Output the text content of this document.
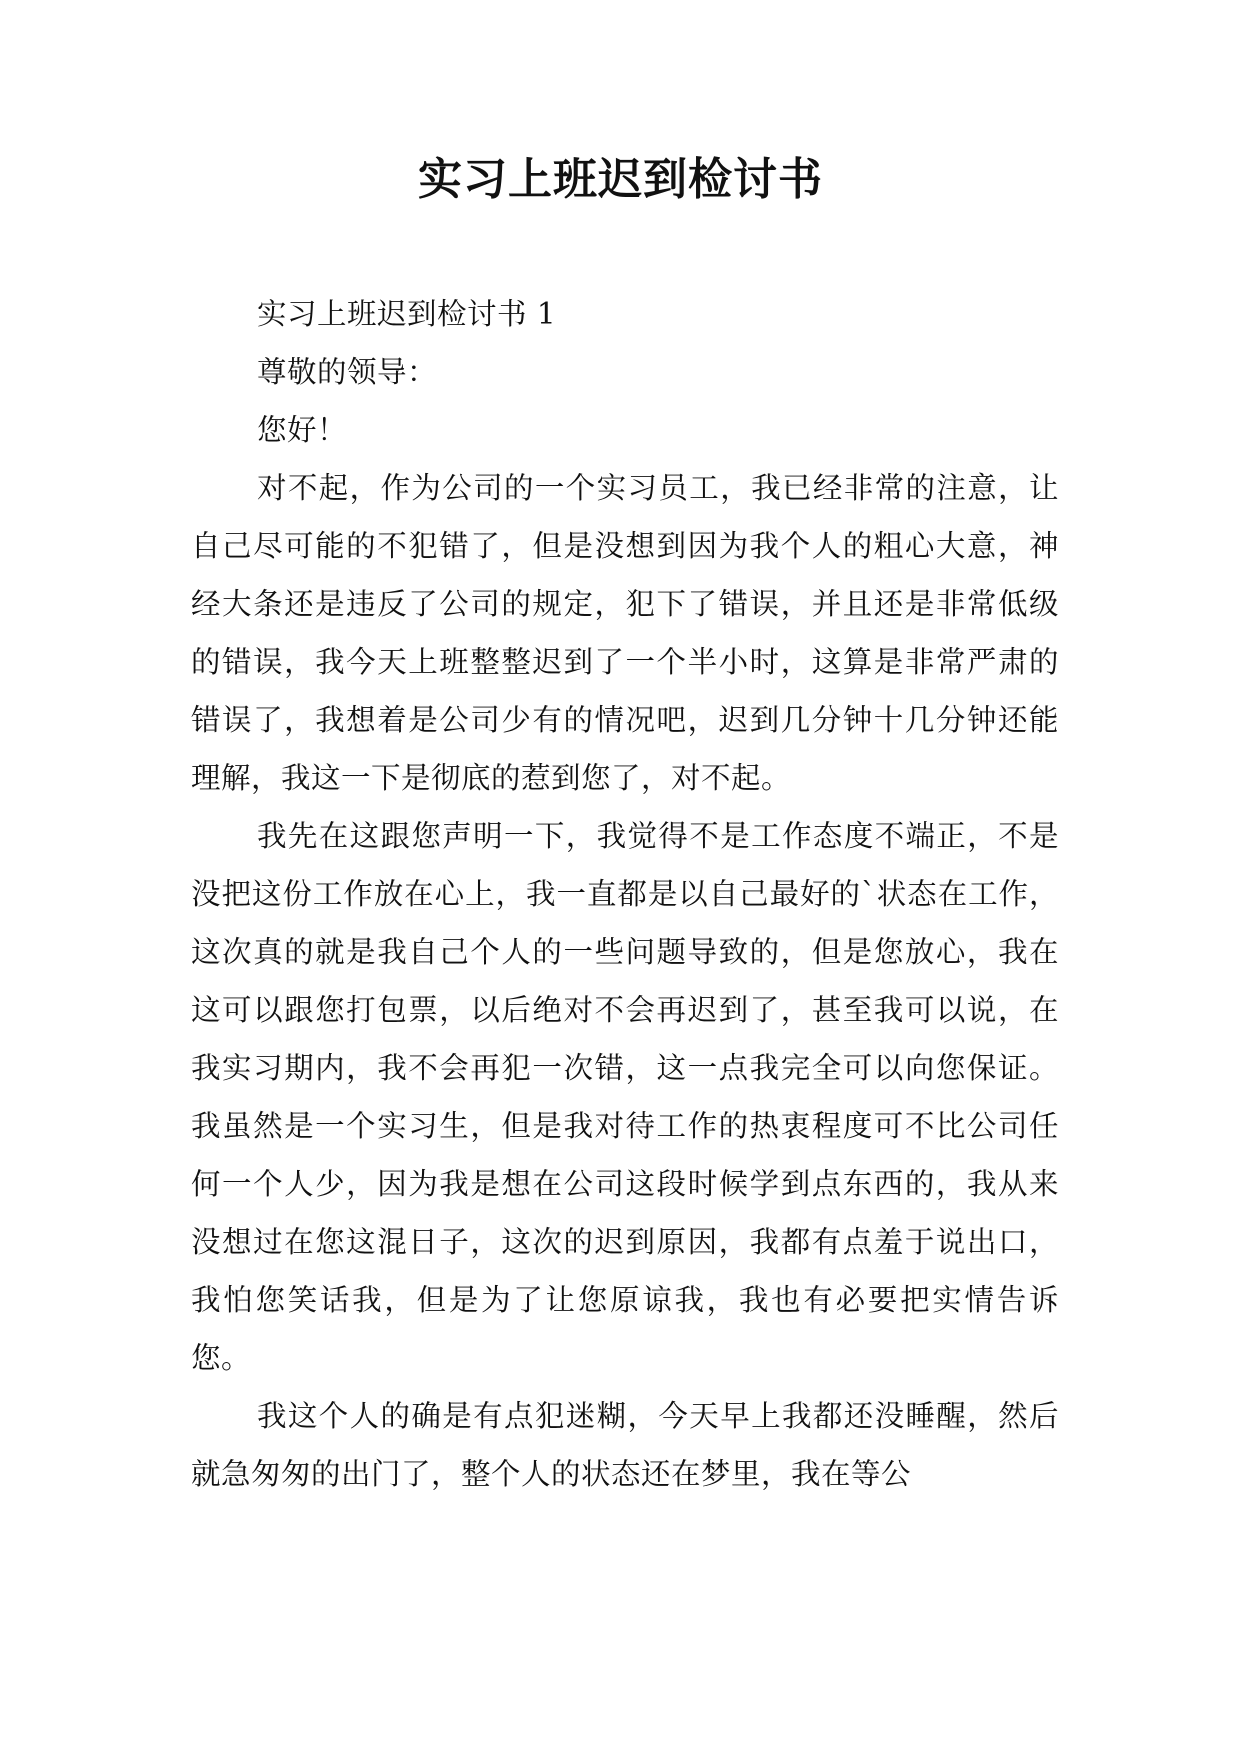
实习上班迟到检讨书

实习上班迟到检讨书 1

尊敬的领导：

您好！

对不起，作为公司的一个实习员工，我已经非常的注意，让自己尽可能的不犯错了，但是没想到因为我个人的粗心大意，神经大条还是违反了公司的规定，犯下了错误，并且还是非常低级的错误，我今天上班整整迟到了一个半小时，这算是非常严肃的错误了，我想着是公司少有的情况吧，迟到几分钟十几分钟还能理解，我这一下是彻底的惹到您了，对不起。

我先在这跟您声明一下，我觉得不是工作态度不端正，不是没把这份工作放在心上，我一直都是以自己最好的`状态在工作，这次真的就是我自己个人的一些问题导致的，但是您放心，我在这可以跟您打包票，以后绝对不会再迟到了，甚至我可以说，在我实习期内，我不会再犯一次错，这一点我完全可以向您保证。我虽然是一个实习生，但是我对待工作的热衷程度可不比公司任何一个人少，因为我是想在公司这段时候学到点东西的，我从来没想过在您这混日子，这次的迟到原因，我都有点羞于说出口，我怕您笑话我，但是为了让您原谅我，我也有必要把实情告诉您。

我这个人的确是有点犯迷糊，今天早上我都还没睡醒，然后就急匆匆的出门了，整个人的状态还在梦里，我在等公
